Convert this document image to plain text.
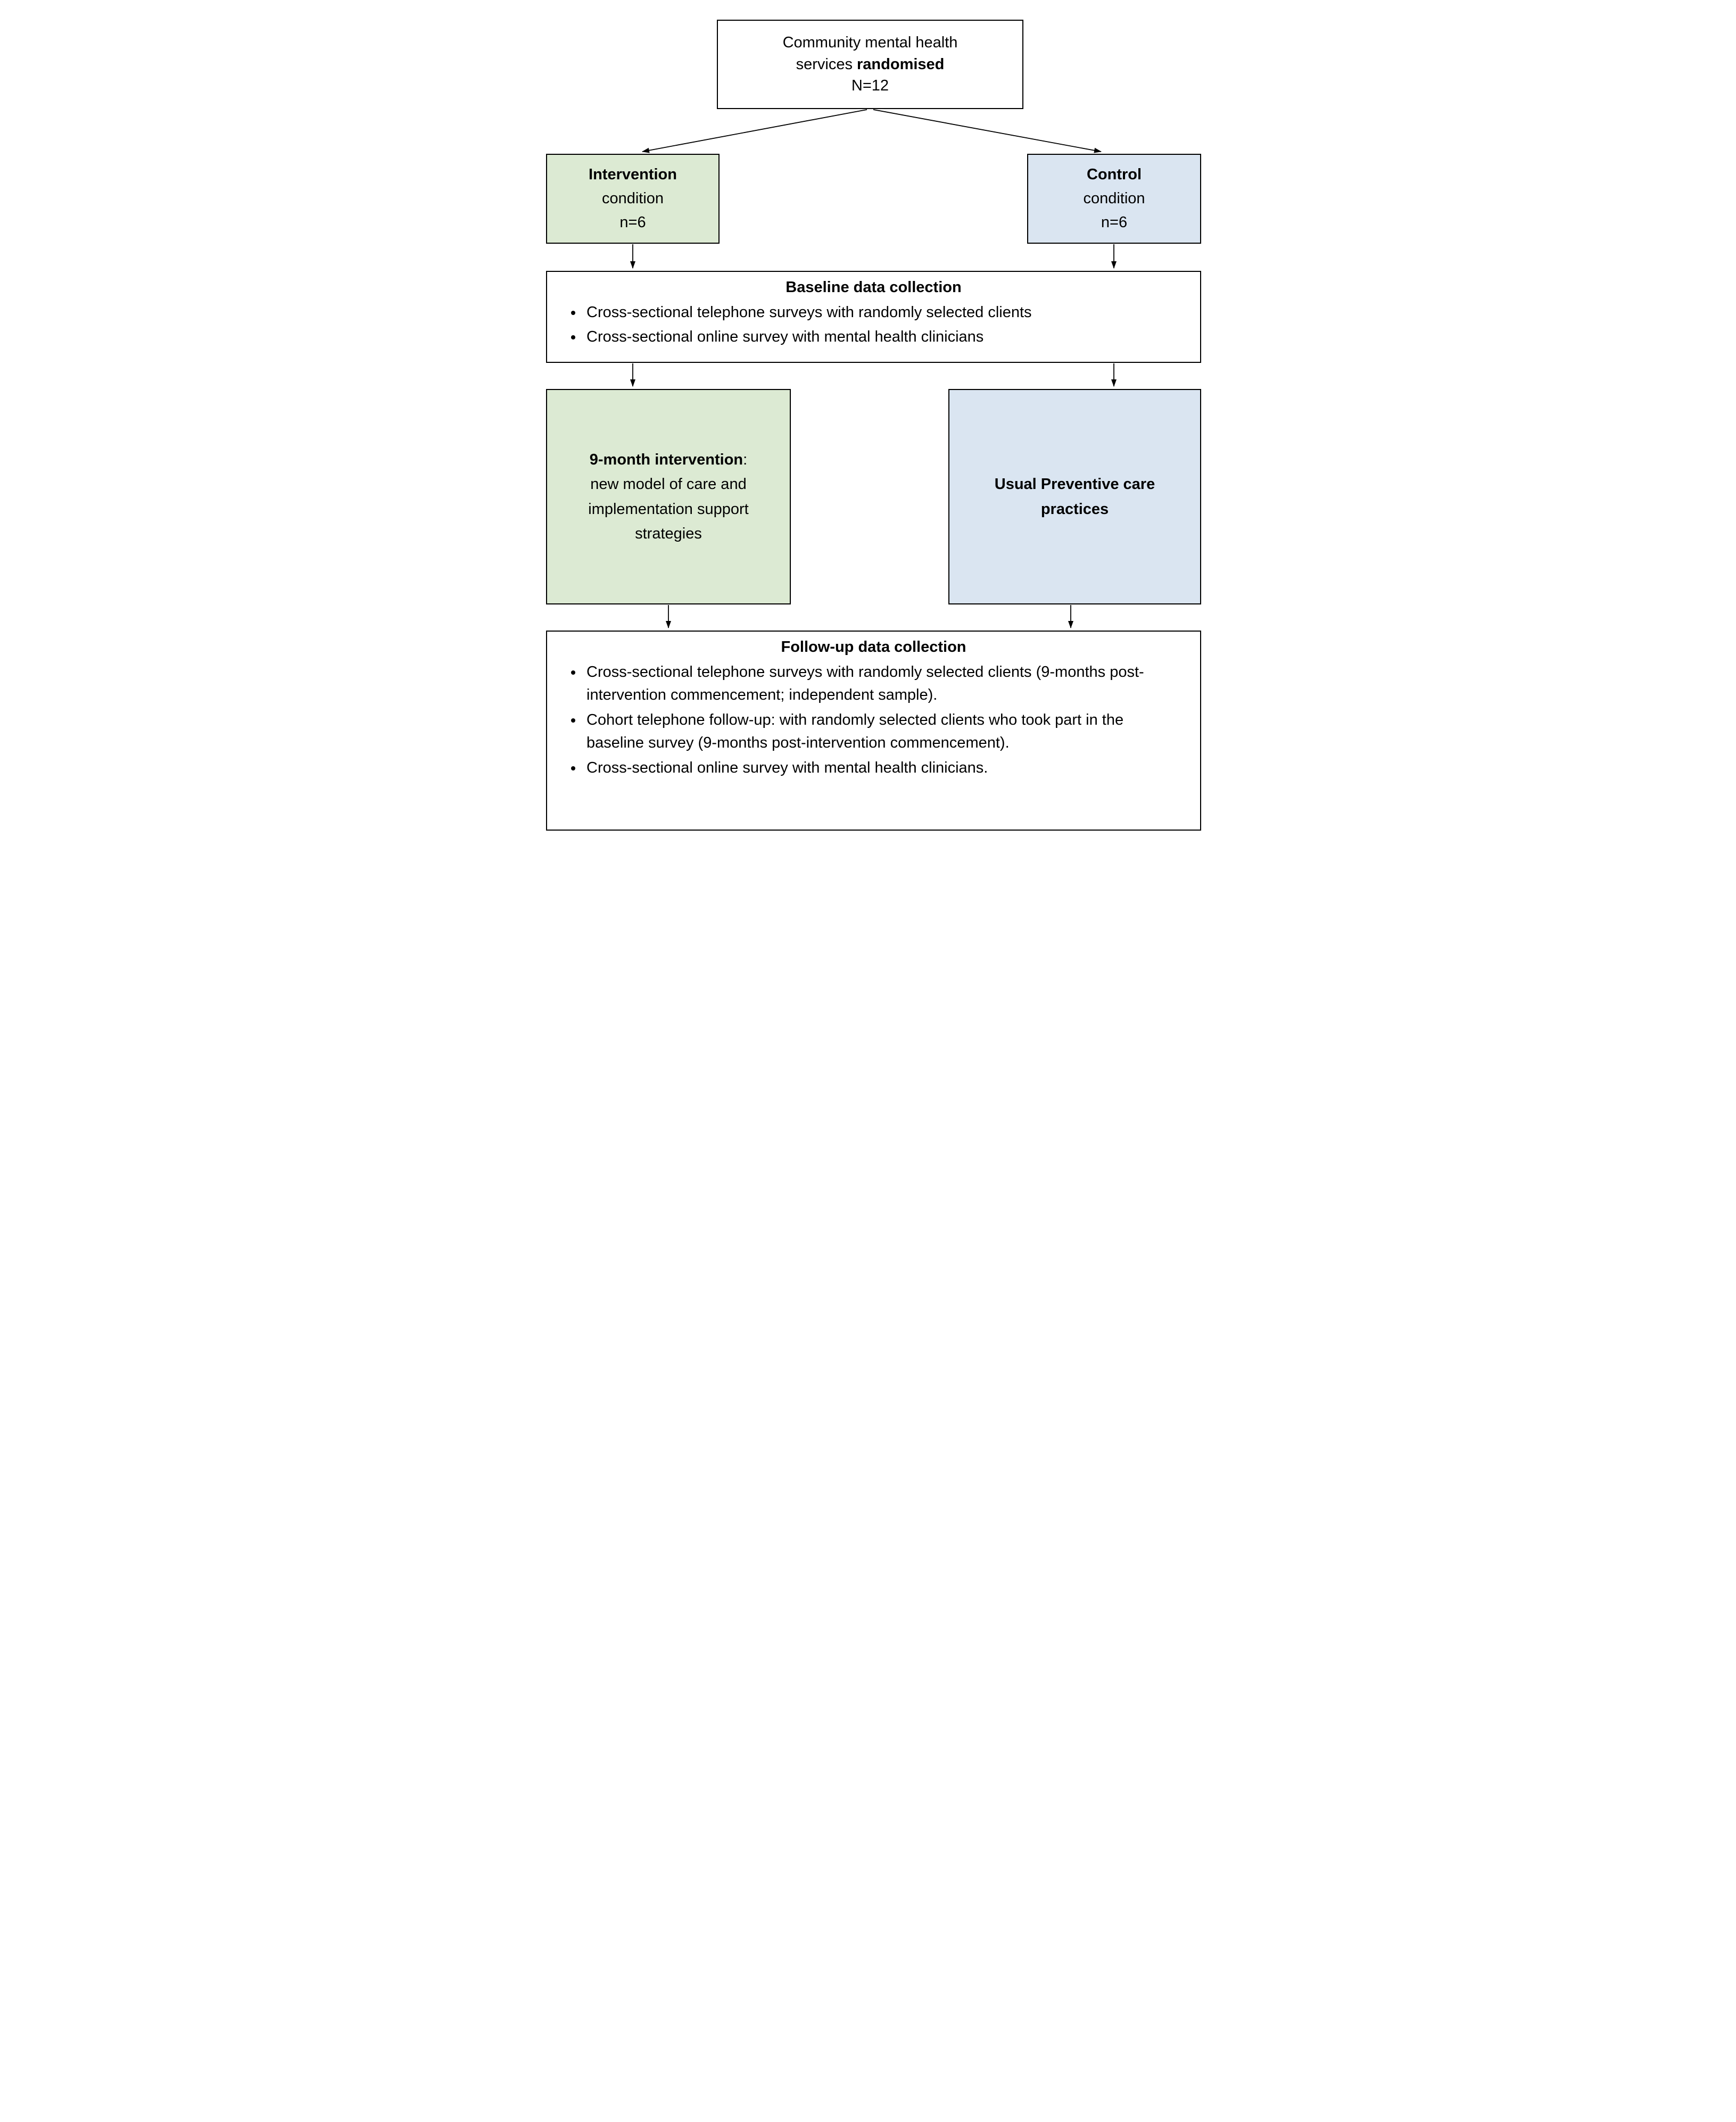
Community mental health
services randomised
N=12
Intervention
condition
n=6
Control
condition
n=6
Baseline data collection
• Cross-sectional telephone surveys with randomly selected clients
• Cross-sectional online survey with mental health clinicians
9-month intervention:
new model of care and implementation support strategies
Usual Preventive care practices
Follow-up data collection
• Cross-sectional telephone surveys with randomly selected clients (9-months post-intervention commencement; independent sample).
• Cohort telephone follow-up: with randomly selected clients who took part in the baseline survey (9-months post-intervention commencement).
• Cross-sectional online survey with mental health clinicians.
